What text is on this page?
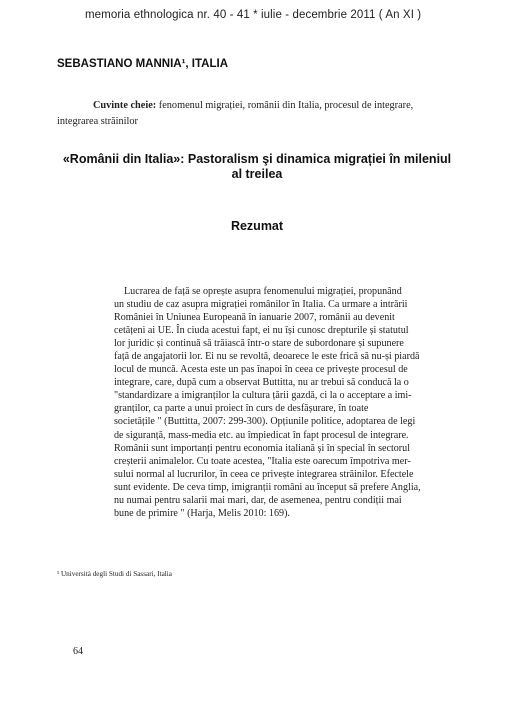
memoria ethnologica nr. 40 - 41 * iulie - decembrie 2011 ( An XI )
SEBASTIANO MANNIA¹, ITALIA
Cuvinte cheie: fenomenul migrației, românii din Italia, procesul de integrare, integrarea străinilor
«Românii din Italia»: Pastoralism şi dinamica migrației în mileniul al treilea
Rezumat
Lucrarea de față se oprește asupra fenomenului migrației, propunând
un studiu de caz asupra migrației românilor în Italia. Ca urmare a intrării
României în Uniunea Europeană în ianuarie 2007, românii au devenit
cetățeni ai UE. În ciuda acestui fapt, ei nu își cunosc drepturile și statutul
lor juridic și continuă să trăiască într-o stare de subordonare și supunere
față de angajatorii lor. Ei nu se revoltă, deoarece le este frică să nu-și piardă
locul de muncă. Acesta este un pas înapoi în ceea ce privește procesul de
integrare, care, după cum a observat Buttitta, nu ar trebui să conducă la o
"standardizare a imigranților la cultura țării gazdă, ci la o acceptare a imi-
granților, ca parte a unui proiect în curs de desfășurare, în toate
societățile " (Buttitta, 2007: 299-300). Opțiunile politice, adoptarea de legi
de siguranță, mass-media etc. au împiedicat în fapt procesul de integrare.
Românii sunt importanți pentru economia italiană și în special în sectorul
creșterii animalelor. Cu toate acestea, "Italia este oarecum împotriva mer-
sului normal al lucrurilor, în ceea ce privește integrarea străinilor. Efectele
sunt evidente. De ceva timp, imigranții români au început să prefere Anglia,
nu numai pentru salarii mai mari, dar, de asemenea, pentru condiții mai
bune de primire " (Harja, Melis 2010: 169).
¹ Università degli Studi di Sassari, Italia
64
